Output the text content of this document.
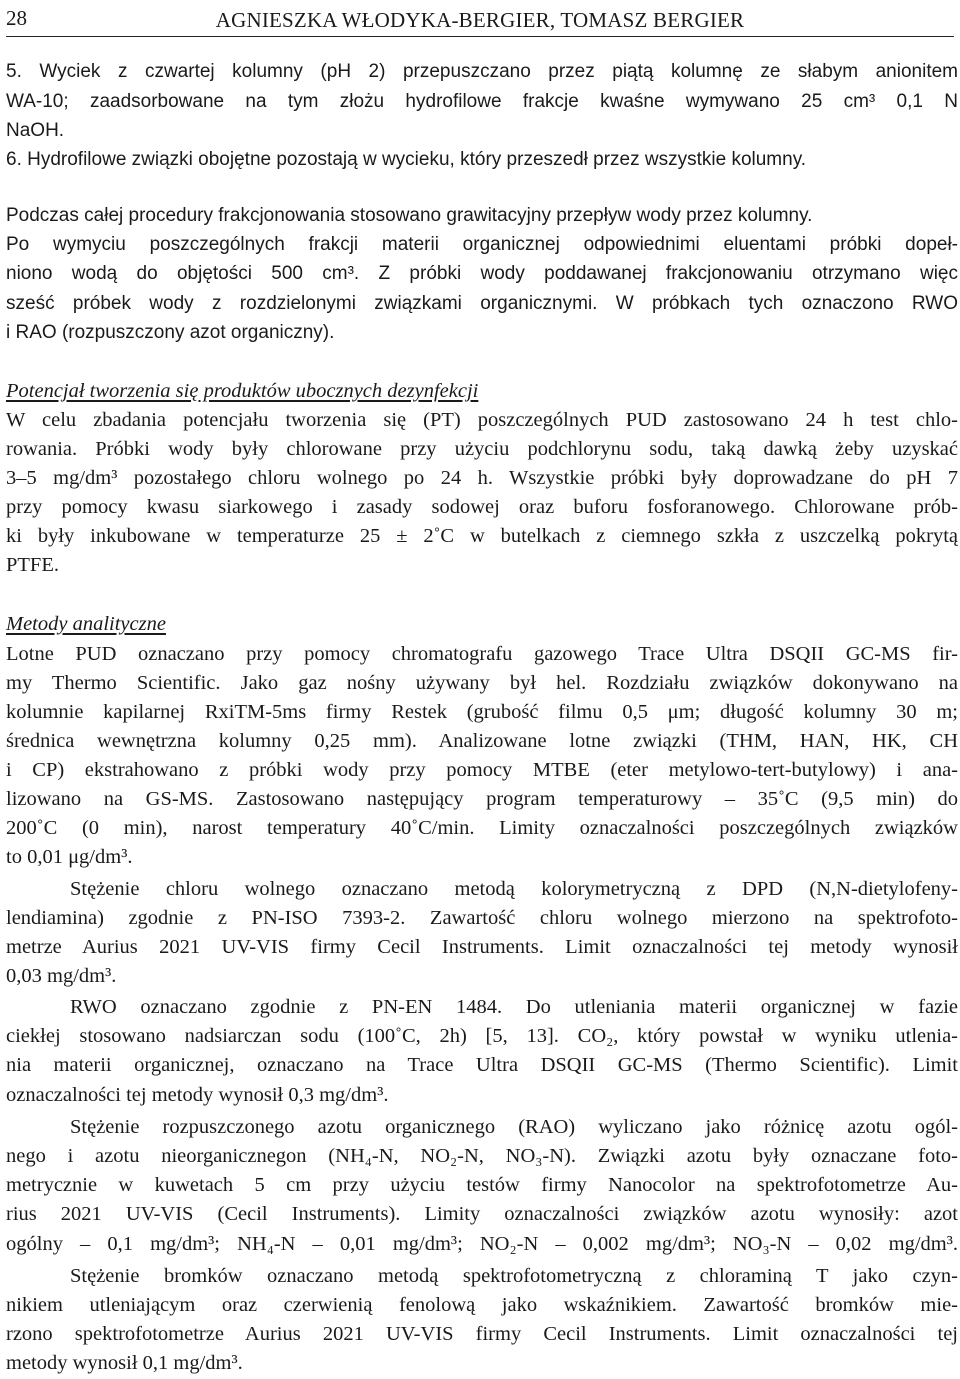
28	AGNIESZKA WŁODYKA-BERGIER, TOMASZ BERGIER
5. Wyciek z czwartej kolumny (pH 2) przepuszczano przez piątą kolumnę ze słabym anionitem
WA-10; zaadsorbowane na tym złożu hydrofilowe frakcje kwaśne wymywano 25 cm³ 0,1 N
NaOH.
6. Hydrofilowe związki obojętne pozostają w wycieku, który przeszedł przez wszystkie kolumny.
Podczas całej procedury frakcjonowania stosowano grawitacyjny przepływ wody przez kolumny.
Po wymyciu poszczególnych frakcji materii organicznej odpowiednimi eluentami próbki dopeł-
niono wodą do objętości 500 cm³. Z próbki wody poddawanej frakcjonowaniu otrzymano więc
sześć próbek wody z rozdzielonymi związkami organicznymi. W próbkach tych oznaczono RWO
i RAO (rozpuszczony azot organiczny).
Potencjał tworzenia się produktów ubocznych dezynfekcji
W celu zbadania potencjału tworzenia się (PT) poszczególnych PUD zastosowano 24 h test chlo-
rowania. Próbki wody były chlorowane przy użyciu podchlorynu sodu, taką dawką żeby uzyskać
3–5 mg/dm³ pozostałego chloru wolnego po 24 h. Wszystkie próbki były doprowadzane do pH 7
przy pomocy kwasu siarkowego i zasady sodowej oraz buforu fosforanowego. Chlorowane prób-
ki były inkubowane w temperaturze 25 ± 2˚C w butelkach z ciemnego szkła z uszczelką pokrytą
PTFE.
Metody analityczne
Lotne PUD oznaczano przy pomocy chromatografu gazowego Trace Ultra DSQII GC-MS fir-
my Thermo Scientific. Jako gaz nośny używany był hel. Rozdziału związków dokonywano na
kolumnie kapilarnej RxiTM-5ms firmy Restek (grubość filmu 0,5 μm; długość kolumny 30 m;
średnica wewnętrzna kolumny 0,25 mm). Analizowane lotne związki (THM, HAN, HK, CH
i CP) ekstrahowano z próbki wody przy pomocy MTBE (eter metylowo-tert-butylowy) i ana-
lizowano na GS-MS. Zastosowano następujący program temperaturowy – 35˚C (9,5 min) do
200˚C (0 min), narost temperatury 40˚C/min. Limity oznaczalności poszczególnych związków
to 0,01 μg/dm³.
Stężenie chloru wolnego oznaczano metodą kolorymetryczną z DPD (N,N-dietylofeny-
lendiamina) zgodnie z PN-ISO 7393-2. Zawartość chloru wolnego mierzono na spektrofoto-
metrze Aurius 2021 UV-VIS firmy Cecil Instruments. Limit oznaczalności tej metody wynosił
0,03 mg/dm³.
RWO oznaczano zgodnie z PN-EN 1484. Do utleniania materii organicznej w fazie
ciekłej stosowano nadsiarczan sodu (100˚C, 2h) [5, 13]. CO₂, który powstał w wyniku utlenia-
nia materii organicznej, oznaczano na Trace Ultra DSQII GC-MS (Thermo Scientific). Limit
oznaczalności tej metody wynosił 0,3 mg/dm³.
Stężenie rozpuszczonego azotu organicznego (RAO) wyliczano jako różnicę azotu ogól-
nego i azotu nieorganicznegon (NH₄-N, NO₂-N, NO₃-N). Związki azotu były oznaczane foto-
metrycznie w kuwetach 5 cm przy użyciu testów firmy Nanocolor na spektrofotometrze Au-
rius 2021 UV-VIS (Cecil Instruments). Limity oznaczalności związków azotu wynosiły: azot
ogólny – 0,1 mg/dm³; NH₄-N – 0,01 mg/dm³; NO₂-N – 0,002 mg/dm³; NO₃-N – 0,02 mg/dm³.
Stężenie bromków oznaczano metodą spektrofotometryczną z chloraminą T jako czyn-
nikiem utleniającym oraz czerwienią fenolową jako wskaźnikiem. Zawartość bromków mie-
rzono spektrofotometrze Aurius 2021 UV-VIS firmy Cecil Instruments. Limit oznaczalności tej
metody wynosił 0,1 mg/dm³.
